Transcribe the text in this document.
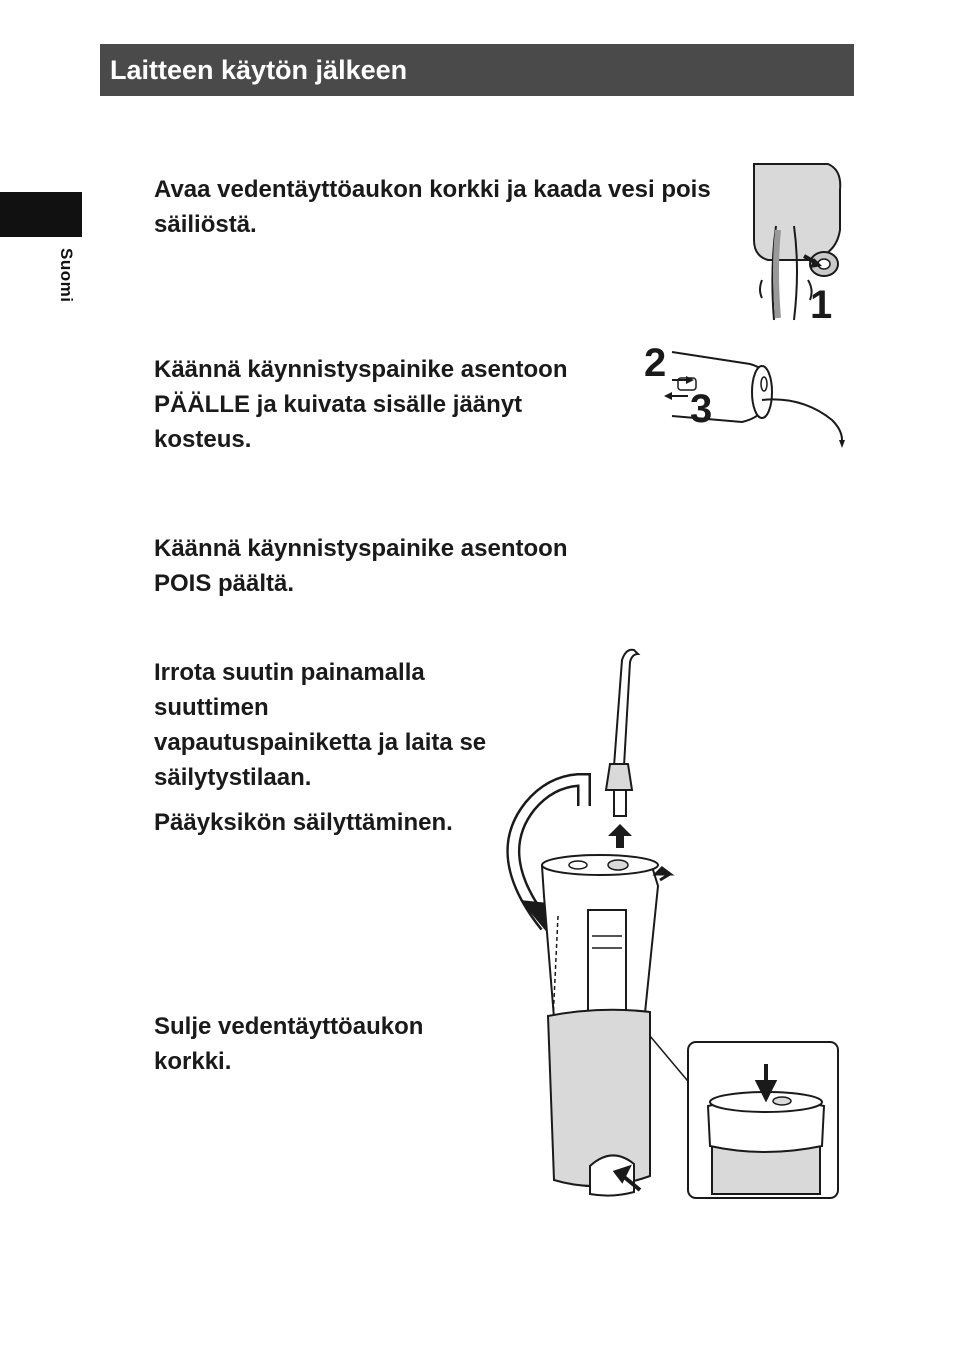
Laitteen käytön jälkeen
Suomi

Avaa vedentäyttöaukon korkki ja kaada vesi pois säiliöstä.

Käännä käynnistyspainike asentoon PÄÄLLE ja kuivata sisälle jäänyt kosteus.

Käännä käynnistyspainike asentoon POIS päältä.

Irrota suutin painamalla suuttimen vapautuspainiketta ja laita se säilytystilaan.

Pääyksikön säilyttäminen.

Sulje vedentäyttöaukon korkki.

1
2
3
